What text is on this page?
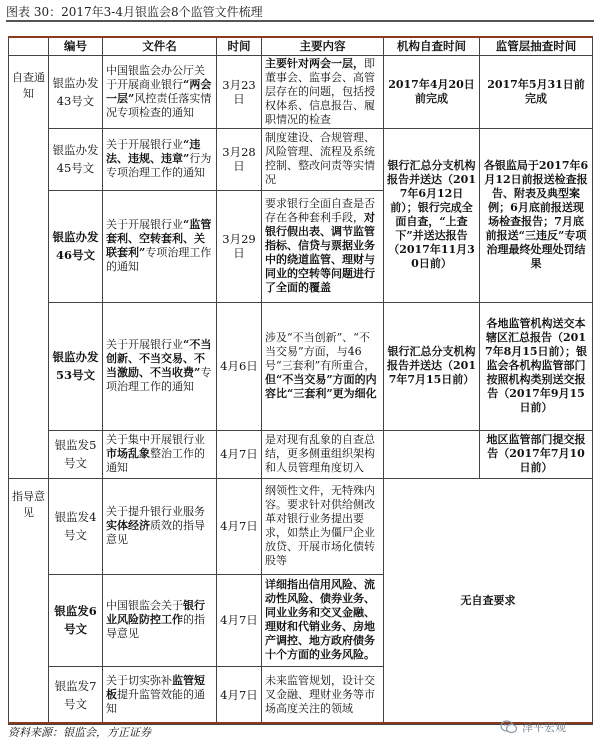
图表 30：2017年3-4月银监会8个监管文件梳理
	编号	文件名	时间	主要内容	机构自查时间	监管层抽查时间
自查通知	银监办发43号文	中国银监会办公厅关于开展商业银行“两会一层”风控责任落实情况专项检查的通知	3月23日	主要针对两会一层，即董事会、监事会、高管层存在的问题，包括授权体系、信息报告、履职情况的检查	2017年4月20日前完成	2017年5月31日前完成
	银监办发45号文	关于开展银行业“违法、违规、违章”行为专项治理工作的通知	3月28日	制度建设、合规管理、风险管理、流程及系统控制、整改问责等实情况	银行汇总分支机构报告并送达（2017年6月12日前）；银行完成全面自查，“上查下”并送达报告（2017年11月30日前）	各银监局于2017年6月12日前报送检查报告、附表及典型案例；6月底前报送现场检查报告；7月底前报送“三违反”专项治理最终处理处罚结果
	银监办发46号文	关于开展银行业“监管套利、空转套利、关联套利”专项治理工作的通知	3月29日	要求银行全面自查是否存在各种套利手段，对银行假出表、调节监管指标、信贷与票据业务中的绕道监管、理财与同业的空转等问题进行了全面的覆盖		
	银监办发53号文	关于开展银行业“不当创新、不当交易、不当激励、不当收费”专项治理工作的通知	4月6日	涉及“不当创新”、“不当交易”方面，与46号“三套利”有所重合，但“不当交易”方面的内容比“三套利”更为细化	银行汇总分支机构报告并送达（2017年7月15日前）	各地监管机构送交本辖区汇总报告（2017年8月15日前）；银监会各机构监管部门按照机构类别送交报告（2017年9月15日前）
	银监发5号文	关于集中开展银行业市场乱象整治工作的通知	4月7日	是对现有乱象的自查总结，更多侧重组织架构和人员管理角度切入		地区监管部门提交报告（2017年7月10日前）
指导意见	银监发4号文	关于提升银行业服务实体经济质效的指导意见	4月7日	纲领性文件，无特殊内容。要求针对供给侧改革对银行业务提出要求，如禁止为僵尸企业放贷、开展市场化债转股等	无自查要求	
	银监发6号文	中国银监会关于银行业风险防控工作的指导意见	4月7日	详细指出信用风险、流动性风险、债券业务、同业业务和交叉金融、理财和代销业务、房地产调控、地方政府债务十个方面的业务风险。		
	银监发7号文	关于切实弥补监管短板提升监管效能的通知	4月7日	未来监管规划，设计交叉金融、理财业务等市场高度关注的领域		
资料来源：银监会，方正证券	泽平宏观
